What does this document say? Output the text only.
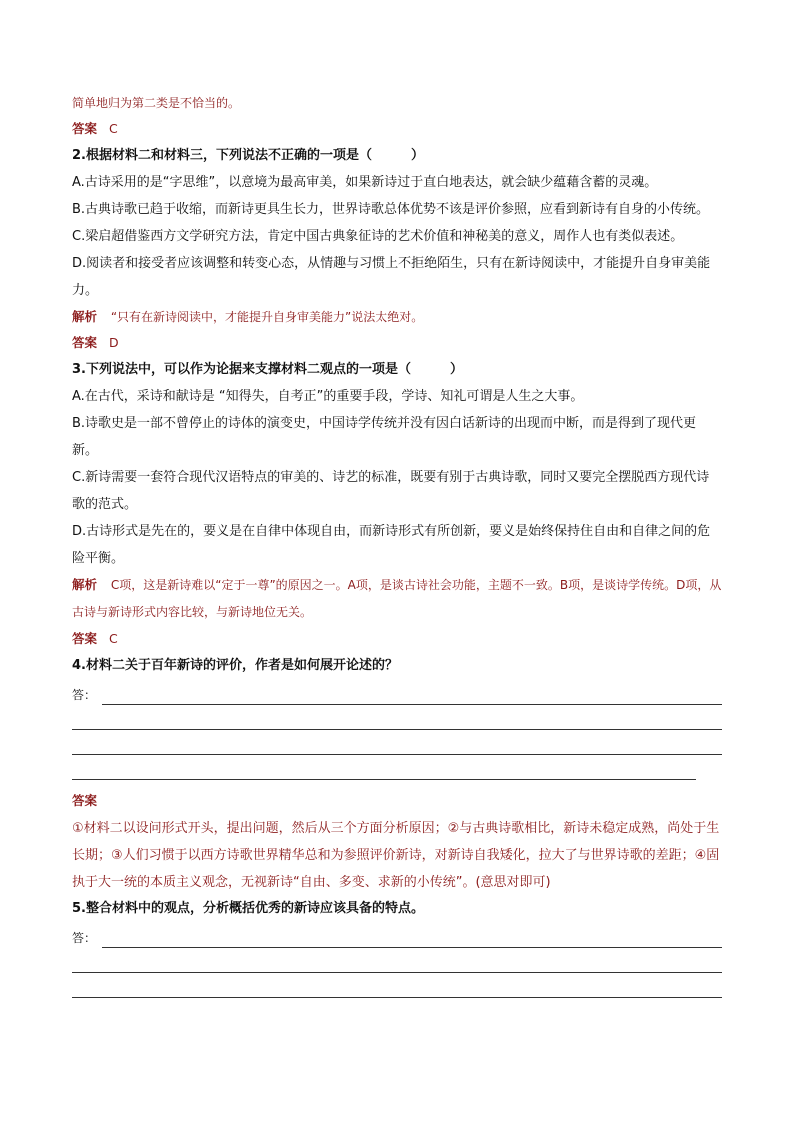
简单地归为第二类是不恰当的。
答案 C
2.根据材料二和材料三，下列说法不正确的一项是（　　　）
A.古诗采用的是“字思维”，以意境为最高审美，如果新诗过于直白地表达，就会缺少蕴藉含蓄的灵魂。
B.古典诗歌已趋于收缩，而新诗更具生长力，世界诗歌总体优势不该是评价参照，应看到新诗有自身的小传统。
C.梁启超借鉴西方文学研究方法，肯定中国古典象征诗的艺术价值和神秘美的意义，周作人也有类似表述。
D.阅读者和接受者应该调整和转变心态，从情趣与习惯上不拒绝陌生，只有在新诗阅读中，才能提升自身审美能力。
解析 “只有在新诗阅读中，才能提升自身审美能力”说法太绝对。
答案 D
3.下列说法中，可以作为论据来支撑材料二观点的一项是（　　　）
A.在古代，采诗和献诗是 “知得失，自考正”的重要手段，学诗、知礼可谓是人生之大事。
B.诗歌史是一部不曾停止的诗体的演变史，中国诗学传统并没有因白话新诗的出现而中断，而是得到了现代更新。
C.新诗需要一套符合现代汉语特点的审美的、诗艺的标准，既要有别于古典诗歌，同时又要完全摆脱西方现代诗歌的范式。
D.古诗形式是先在的，要义是在自律中体现自由，而新诗形式有所创新，要义是始终保持住自由和自律之间的危险平衡。
解析 C项，这是新诗难以“定于一尊”的原因之一。A项，是谈古诗社会功能，主题不一致。B项，是谈诗学传统。D项，从古诗与新诗形式内容比较，与新诗地位无关。
答案 C
4.材料二关于百年新诗的评价，作者是如何展开论述的？
答：
答案
①材料二以设问形式开头，提出问题，然后从三个方面分析原因；②与古典诗歌相比，新诗未稳定成熟，尚处于生长期；③人们习惯于以西方诗歌世界精华总和为参照评价新诗，对新诗自我矮化，拉大了与世界诗歌的差距；④固执于大一统的本质主义观念，无视新诗“自由、多变、求新的小传统”。(意思对即可)
5.整合材料中的观点，分析概括优秀的新诗应该具备的特点。
答：
